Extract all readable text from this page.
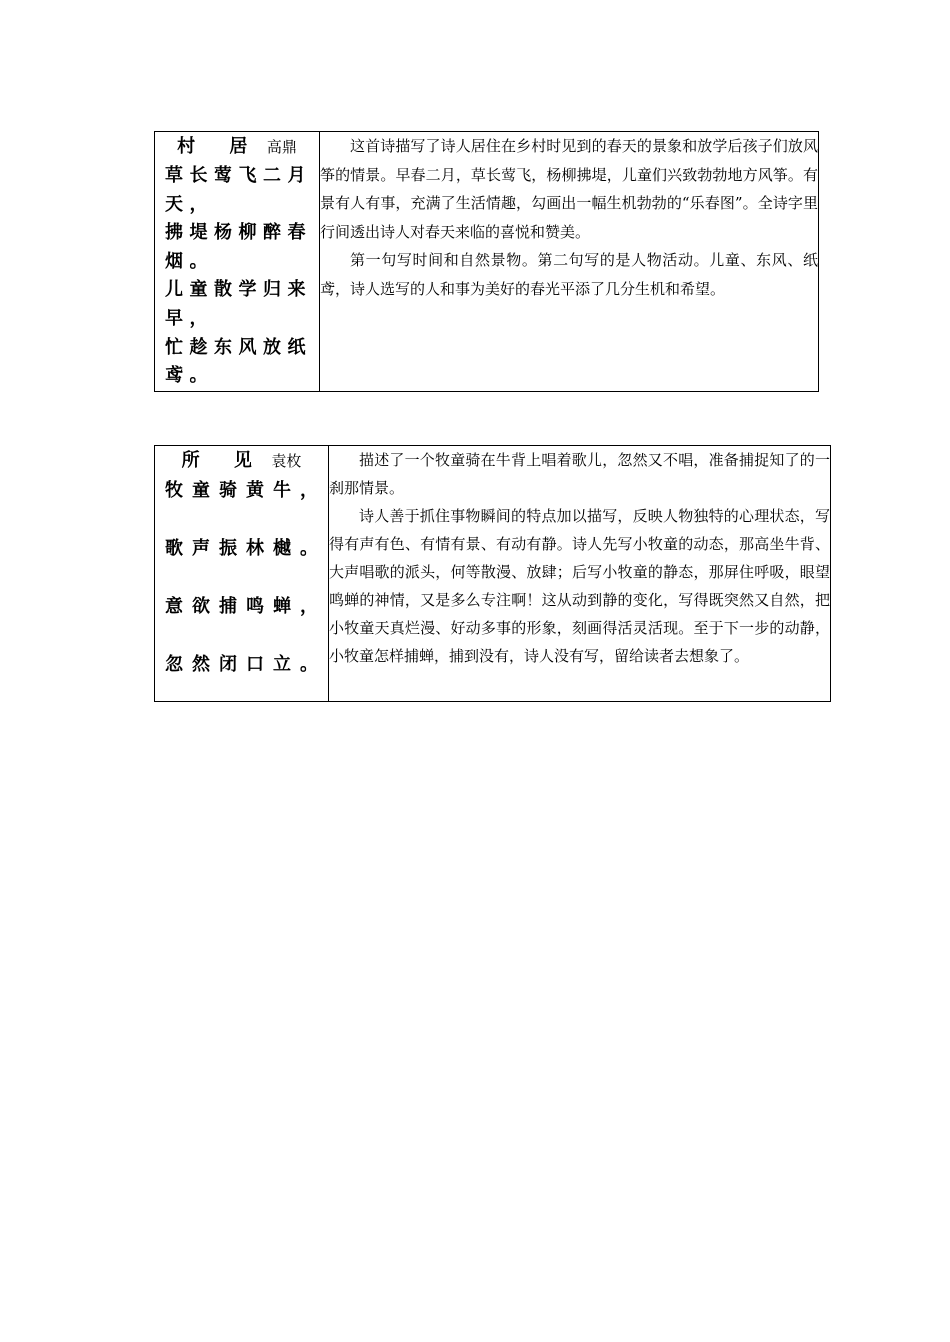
村 居 高鼎
草长莺飞二月天，
拂堤杨柳醉春烟。
儿童散学归来早，
忙趁东风放纸鸢。

这首诗描写了诗人居住在乡村时见到的春天的景象和放学后孩子们放风筝的情景。早春二月，草长莺飞，杨柳拂堤，儿童们兴致勃勃地方风筝。有景有人有事，充满了生活情趣，勾画出一幅生机勃勃的“乐春图”。全诗字里行间透出诗人对春天来临的喜悦和赞美。

第一句写时间和自然景物。第二句写的是人物活动。儿童、东风、纸鸢，诗人选写的人和事为美好的春光平添了几分生机和希望。

所 见 袁枚
牧童骑黄牛，
歌声振林樾。
意欲捕鸣蝉，
忽然闭口立。

描述了一个牧童骑在牛背上唱着歌儿，忽然又不唱，准备捕捉知了的一刹那情景。

诗人善于抓住事物瞬间的特点加以描写，反映人物独特的心理状态，写得有声有色、有情有景、有动有静。诗人先写小牧童的动态，那高坐牛背、大声唱歌的派头，何等散漫、放肆；后写小牧童的静态，那屏住呼吸，眼望鸣蝉的神情，又是多么专注啊！这从动到静的变化，写得既突然又自然，把小牧童天真烂漫、好动多事的形象，刻画得活灵活现。至于下一步的动静，小牧童怎样捕蝉，捕到没有，诗人没有写，留给读者去想象了。
